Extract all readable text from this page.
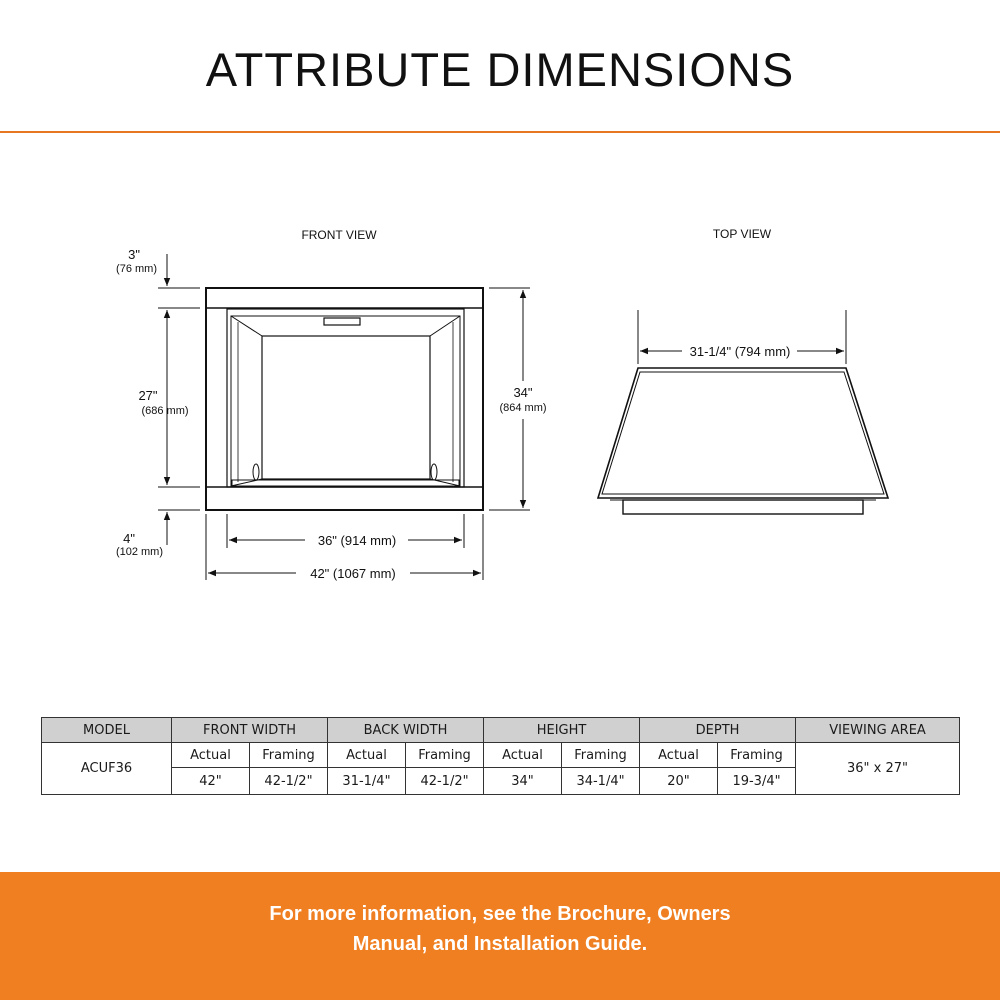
ATTRIBUTE DIMENSIONS
FRONT VIEW
3"
(76 mm)
27"
(686 mm)
4"
(102 mm)
34"
(864 mm)
36" (914 mm)
42" (1067 mm)
TOP VIEW
31-1/4" (794 mm)
MODEL	FRONT WIDTH		BACK WIDTH		HEIGHT		DEPTH		VIEWING AREA
ACUF36	Actual	Framing	Actual	Framing	Actual	Framing	Actual	Framing	36" x 27"
	42"	42-1/2"	31-1/4"	42-1/2"	34"	34-1/4"	20"	19-3/4"	

For more information, see the Brochure, Owners

Manual, and Installation Guide.
